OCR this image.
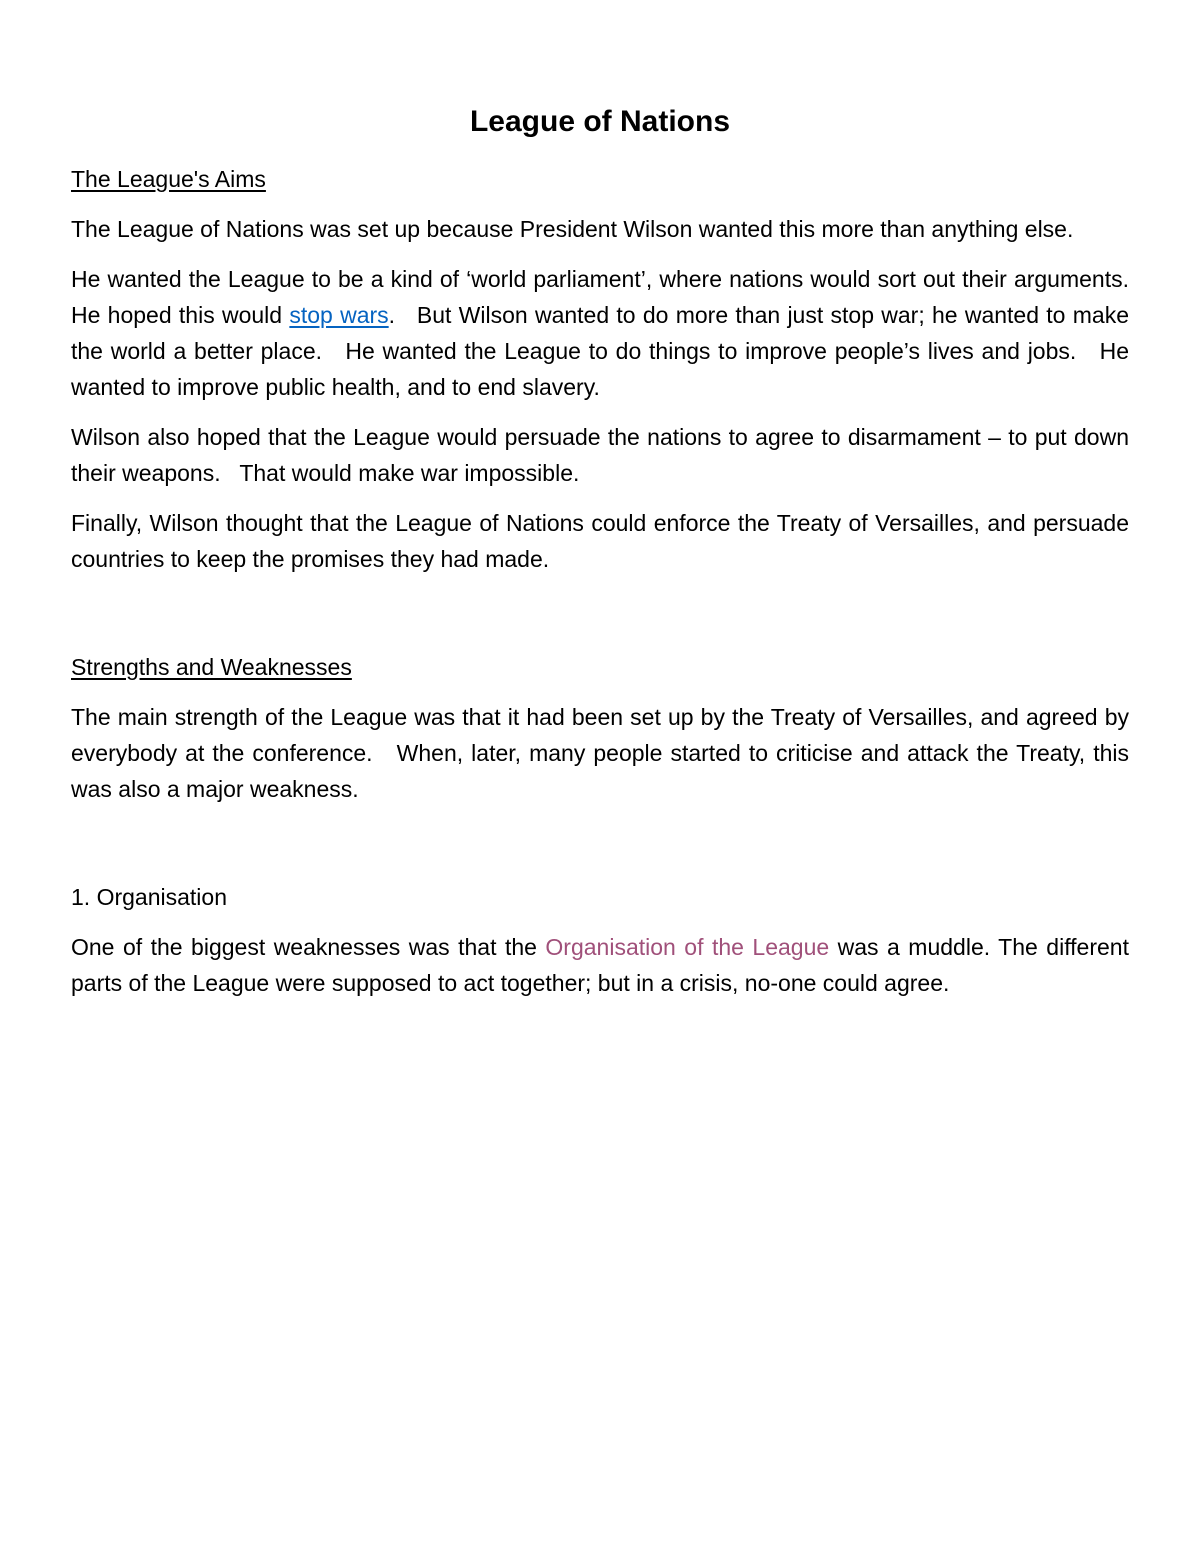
League of Nations
The League's Aims

The League of Nations was set up because President Wilson wanted this more than anything else.

He wanted the League to be a kind of ‘world parliament’, where nations would sort out their arguments.   He hoped this would stop wars.   But Wilson wanted to do more than just stop war; he wanted to make the world a better place.   He wanted the League to do things to improve people’s lives and jobs.   He wanted to improve public health, and to end slavery.

Wilson also hoped that the League would persuade the nations to agree to disarmament – to put down their weapons.   That would make war impossible.

Finally, Wilson thought that the League of Nations could enforce the Treaty of Versailles, and persuade countries to keep the promises they had made.

Strengths and Weaknesses

The main strength of the League was that it had been set up by the Treaty of Versailles, and agreed by everybody at the conference.   When, later, many people started to criticise and attack the Treaty, this was also a major weakness.

1. Organisation

One of the biggest weaknesses was that the Organisation of the League was a muddle. The different parts of the League were supposed to act together; but in a crisis, no-one could agree.
